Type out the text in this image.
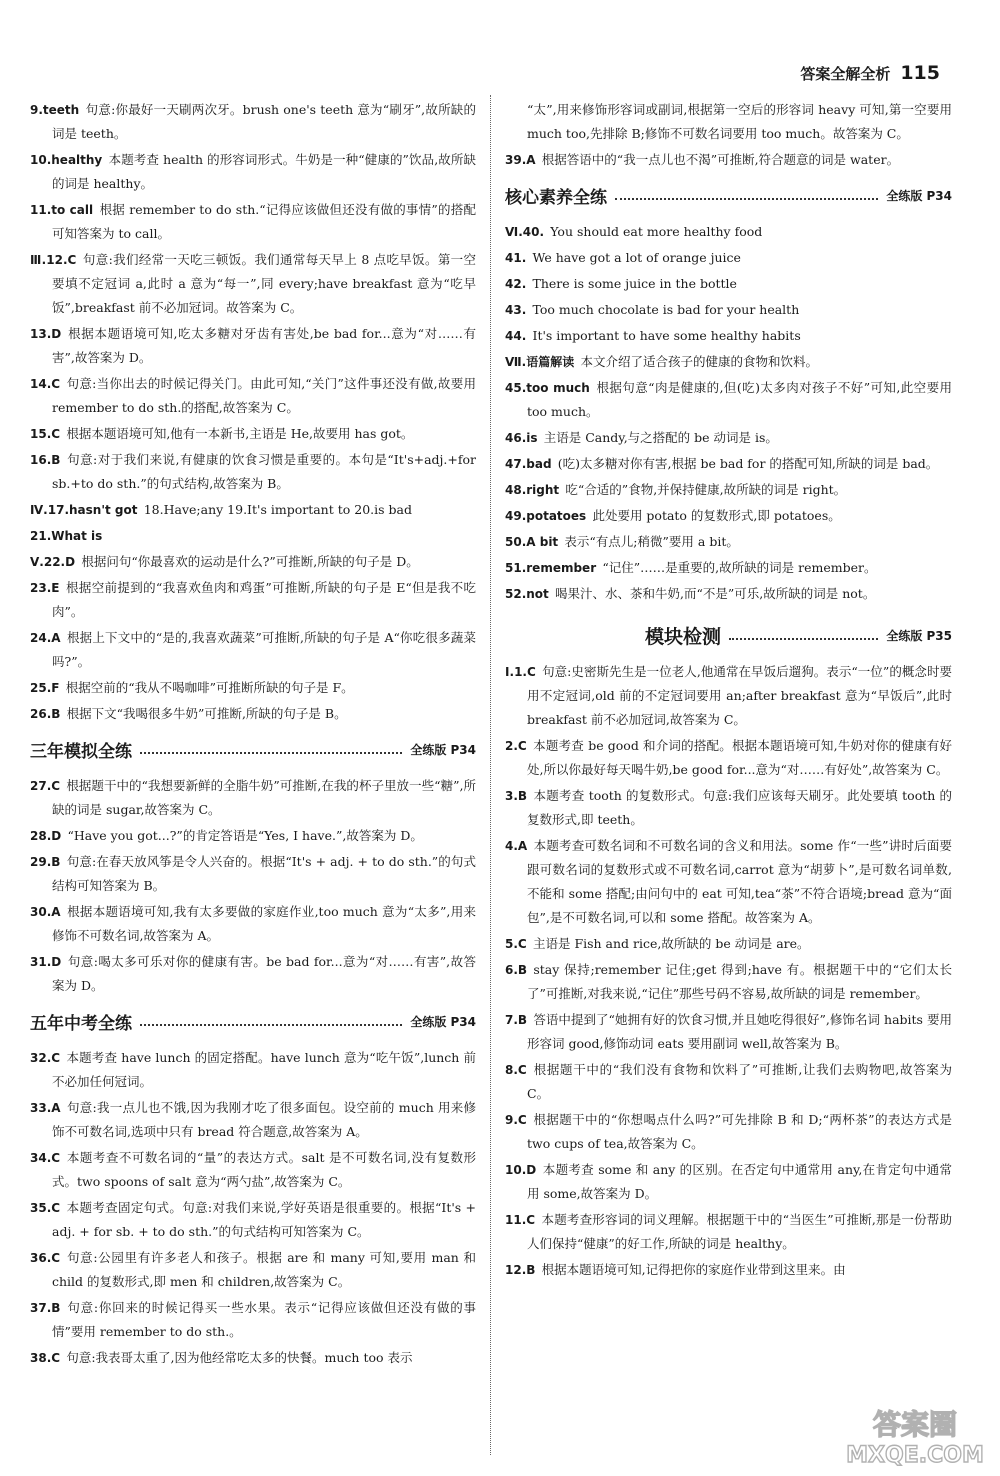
答案全解全析 115
9.teeth  句意:你最好一天刷两次牙。brush one's teeth 意为“刷牙”,故所缺的词是 teeth。
10.healthy  本题考查 health 的形容词形式。牛奶是一种“健康的”饮品,故所缺的词是 healthy。
11.to call  根据 remember to do sth.“记得应该做但还没有做的事情”的搭配可知答案为 to call。
Ⅲ.12.C  句意:我们经常一天吃三顿饭。我们通常每天早上 8 点吃早饭。第一空要填不定冠词 a,此时 a 意为“每一”,同 every;have breakfast 意为“吃早饭”,breakfast 前不必加冠词。故答案为 C。
13.D  根据本题语境可知,吃太多糖对牙齿有害处,be bad for...意为“对……有害”,故答案为 D。
14.C  句意:当你出去的时候记得关门。由此可知,“关门”这件事还没有做,故要用 remember to do sth.的搭配,故答案为 C。
15.C  根据本题语境可知,他有一本新书,主语是 He,故要用 has got。
16.B  句意:对于我们来说,有健康的饮食习惯是重要的。本句是“It's+adj.+for sb.+to do sth.”的句式结构,故答案为 B。
Ⅳ.17.hasn't got  18.Have;any 19.It's important to 20.is bad
21.What is 
Ⅴ.22.D  根据问句“你最喜欢的运动是什么?”可推断,所缺的句子是 D。
23.E  根据空前提到的“我喜欢鱼肉和鸡蛋”可推断,所缺的句子是 E“但是我不吃肉”。
24.A  根据上下文中的“是的,我喜欢蔬菜”可推断,所缺的句子是 A“你吃很多蔬菜吗?”。
25.F  根据空前的“我从不喝咖啡”可推断所缺的句子是 F。
26.B  根据下文“我喝很多牛奶”可推断,所缺的句子是 B。
三年模拟全练	全练版 P34
27.C  根据题干中的“我想要新鲜的全脂牛奶”可推断,在我的杯子里放一些“糖”,所缺的词是 sugar,故答案为 C。
28.D  “Have you got...?”的肯定答语是“Yes, I have.”,故答案为 D。
29.B  句意:在春天放风筝是令人兴奋的。根据“It's + adj. + to do sth.”的句式结构可知答案为 B。
30.A  根据本题语境可知,我有太多要做的家庭作业,too much 意为“太多”,用来修饰不可数名词,故答案为 A。
31.D  句意:喝太多可乐对你的健康有害。be bad for...意为“对……有害”,故答案为 D。
五年中考全练	全练版 P34
32.C  本题考查 have lunch 的固定搭配。have lunch 意为“吃午饭”,lunch 前不必加任何冠词。
33.A  句意:我一点儿也不饿,因为我刚才吃了很多面包。设空前的 much 用来修饰不可数名词,选项中只有 bread 符合题意,故答案为 A。
34.C  本题考查不可数名词的“量”的表达方式。salt 是不可数名词,没有复数形式。two spoons of salt 意为“两勺盐”,故答案为 C。
35.C  本题考查固定句式。句意:对我们来说,学好英语是很重要的。根据“It's + adj. + for sb. + to do sth.”的句式结构可知答案为 C。
36.C  句意:公园里有许多老人和孩子。根据 are 和 many 可知,要用 man 和 child 的复数形式,即 men 和 children,故答案为 C。
37.B  句意:你回来的时候记得买一些水果。表示“记得应该做但还没有做的事情”要用 remember to do sth.。
38.C  句意:我表哥太重了,因为他经常吃太多的快餐。much too 表示
“太”,用来修饰形容词或副词,根据第一空后的形容词 heavy 可知,第一空要用 much too,先排除 B;修饰不可数名词要用 too much。故答案为 C。
39.A  根据答语中的“我一点儿也不渴”可推断,符合题意的词是 water。
核心素养全练	全练版 P34
Ⅵ.40.  You should eat more healthy food
41.  We have got a lot of orange juice
42.  There is some juice in the bottle
43.  Too much chocolate is bad for your health
44.  It's important to have some healthy habits
Ⅶ.语篇解读  本文介绍了适合孩子的健康的食物和饮料。
45.too much  根据句意“肉是健康的,但(吃)太多肉对孩子不好”可知,此空要用 too much。
46.is  主语是 Candy,与之搭配的 be 动词是 is。
47.bad  (吃)太多糖对你有害,根据 be bad for 的搭配可知,所缺的词是 bad。
48.right  吃“合适的”食物,并保持健康,故所缺的词是 right。
49.potatoes  此处要用 potato 的复数形式,即 potatoes。
50.A bit  表示“有点儿;稍微”要用 a bit。
51.remember  “记住”……是重要的,故所缺的词是 remember。
52.not  喝果汁、水、茶和牛奶,而“不是”可乐,故所缺的词是 not。
模块检测	全练版 P35
Ⅰ.1.C  句意:史密斯先生是一位老人,他通常在早饭后遛狗。表示“一位”的概念时要用不定冠词,old 前的不定冠词要用 an;after breakfast 意为“早饭后”,此时 breakfast 前不必加冠词,故答案为 C。
2.C  本题考查 be good 和介词的搭配。根据本题语境可知,牛奶对你的健康有好处,所以你最好每天喝牛奶,be good for...意为“对……有好处”,故答案为 C。
3.B  本题考查 tooth 的复数形式。句意:我们应该每天刷牙。此处要填 tooth 的复数形式,即 teeth。
4.A  本题考查可数名词和不可数名词的含义和用法。some 作“一些”讲时后面要跟可数名词的复数形式或不可数名词,carrot 意为“胡萝卜”,是可数名词单数,不能和 some 搭配;由问句中的 eat 可知,tea“茶”不符合语境;bread 意为“面包”,是不可数名词,可以和 some 搭配。故答案为 A。
5.C  主语是 Fish and rice,故所缺的 be 动词是 are。
6.B  stay 保持;remember 记住;get 得到;have 有。根据题干中的“它们太长了”可推断,对我来说,“记住”那些号码不容易,故所缺的词是 remember。
7.B  答语中提到了“她拥有好的饮食习惯,并且她吃得很好”,修饰名词 habits 要用形容词 good,修饰动词 eats 要用副词 well,故答案为 B。
8.C  根据题干中的“我们没有食物和饮料了”可推断,让我们去购物吧,故答案为 C。
9.C  根据题干中的“你想喝点什么吗?”可先排除 B 和 D;“两杯茶”的表达方式是 two cups of tea,故答案为 C。
10.D  本题考查 some 和 any 的区别。在否定句中通常用 any,在肯定句中通常用 some,故答案为 D。
11.C  本题考查形容词的词义理解。根据题干中的“当医生”可推断,那是一份帮助人们保持“健康”的好工作,所缺的词是 healthy。
12.B  根据本题语境可知,记得把你的家庭作业带到这里来。由
答案圈
MXQE.COM
